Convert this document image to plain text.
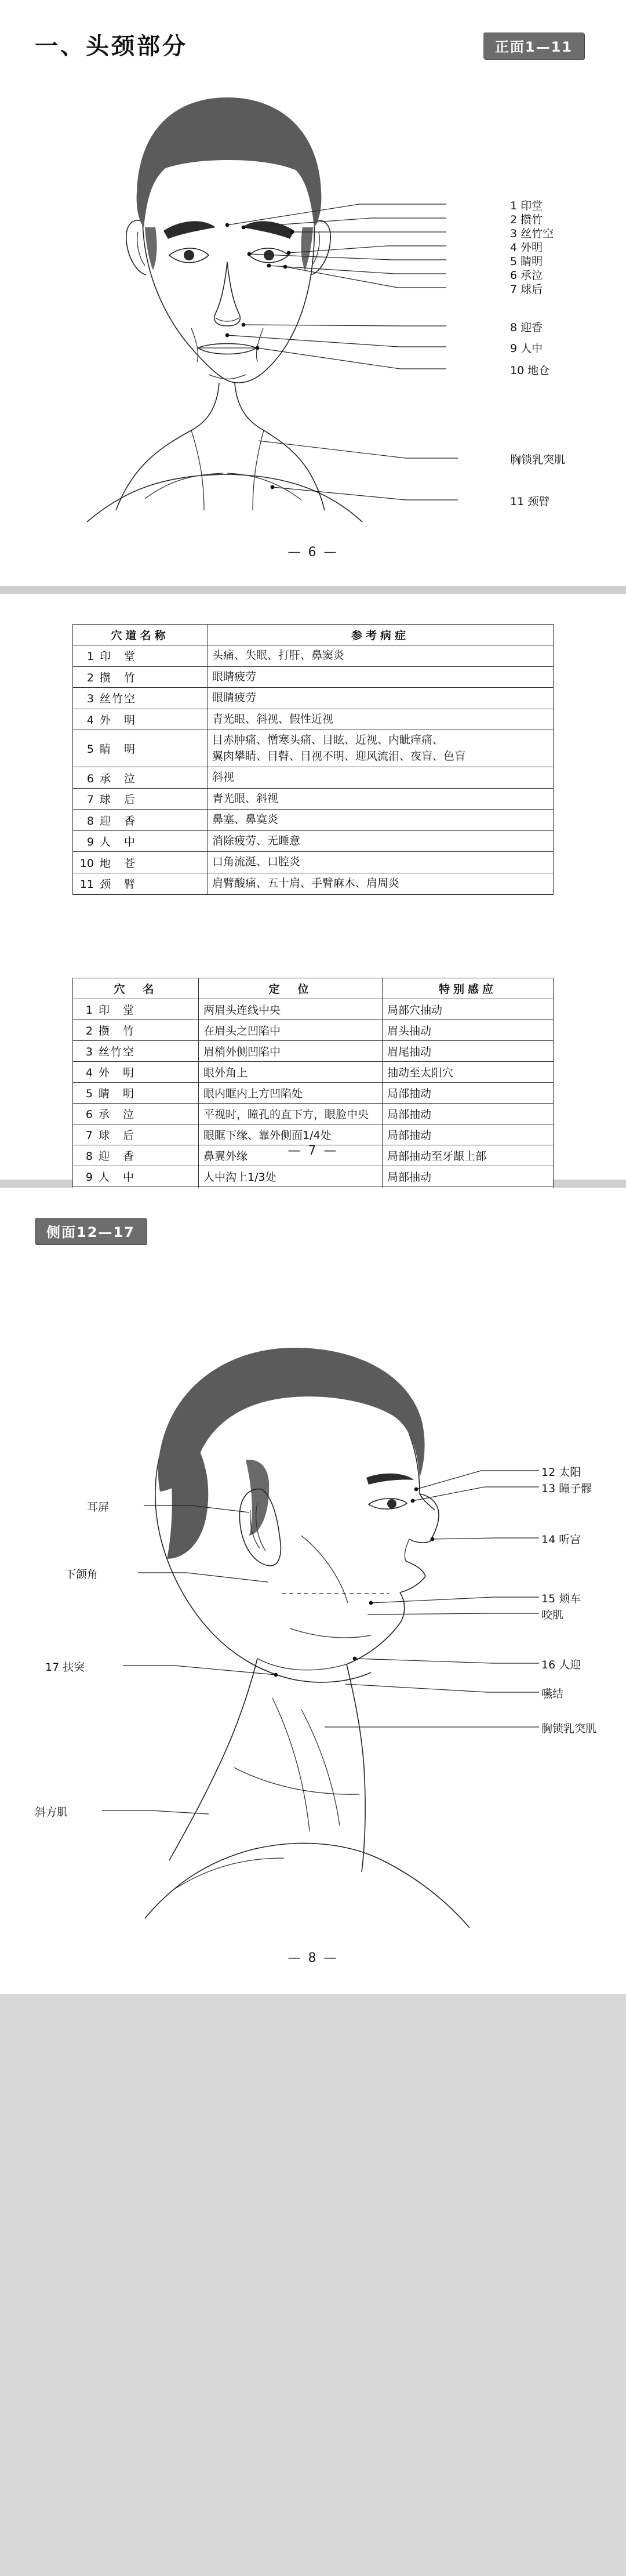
一、头颈部分	正面1—11
1 印堂
2 攒竹
3 丝竹空
4 外明
5 睛明
6 承泣
7 球后
8 迎香
9 人中
10 地仓
胸锁乳突肌
11 颈臂
— 6 —
穴道名称	参考病症
1 印　堂	头痛、失眠、打肝、鼻窦炎

2 攒　竹	眼睛疲劳

3 丝竹空	眼睛疲劳

4 外　明	青光眼、斜视、假性近视

5 睛　明	目赤肿痛、憎寒头痛、目眩、近视、内眦痒痛、
翼肉攀睛、目瞽、目视不明、迎风流泪、夜盲、色盲

6 承　泣	斜视

7 球　后	青光眼、斜视

8 迎　香	鼻塞、鼻寞炎

9 人　中	消除疲劳、无睡意

10 地　苍	口角流涎、口腔炎

11 颈　臂	肩臂酸痛、五十肩、手臂麻木、肩周炎
穴　名	定　位	特别感应
1 印　堂	两眉头连线中央	局部穴抽动
2 攒　竹	在眉头之凹陷中	眉头抽动
3 丝竹空	眉梢外侧凹陷中	眉尾抽动
4 外　明	眼外角上	抽动至太阳穴
5 睛　明	眼内眶内上方凹陷处	局部抽动
6 承　泣	平视时，瞳孔的直下方，眼脸中央	局部抽动
7 球　后	眼眶下缘、靠外侧面1/4处	局部抽动
8 迎　香	鼻翼外缘	局部抽动至牙龈上部
9 人　中	人中沟上1/3处	局部抽动

— 7 —
侧面12—17
12 太阳
13 瞳子髎
14 听宫
15 颊车
咬肌
16 人迎
嚥结
胸锁乳突肌
耳屏
下颌角
17 扶突
斜方肌
— 8 —
